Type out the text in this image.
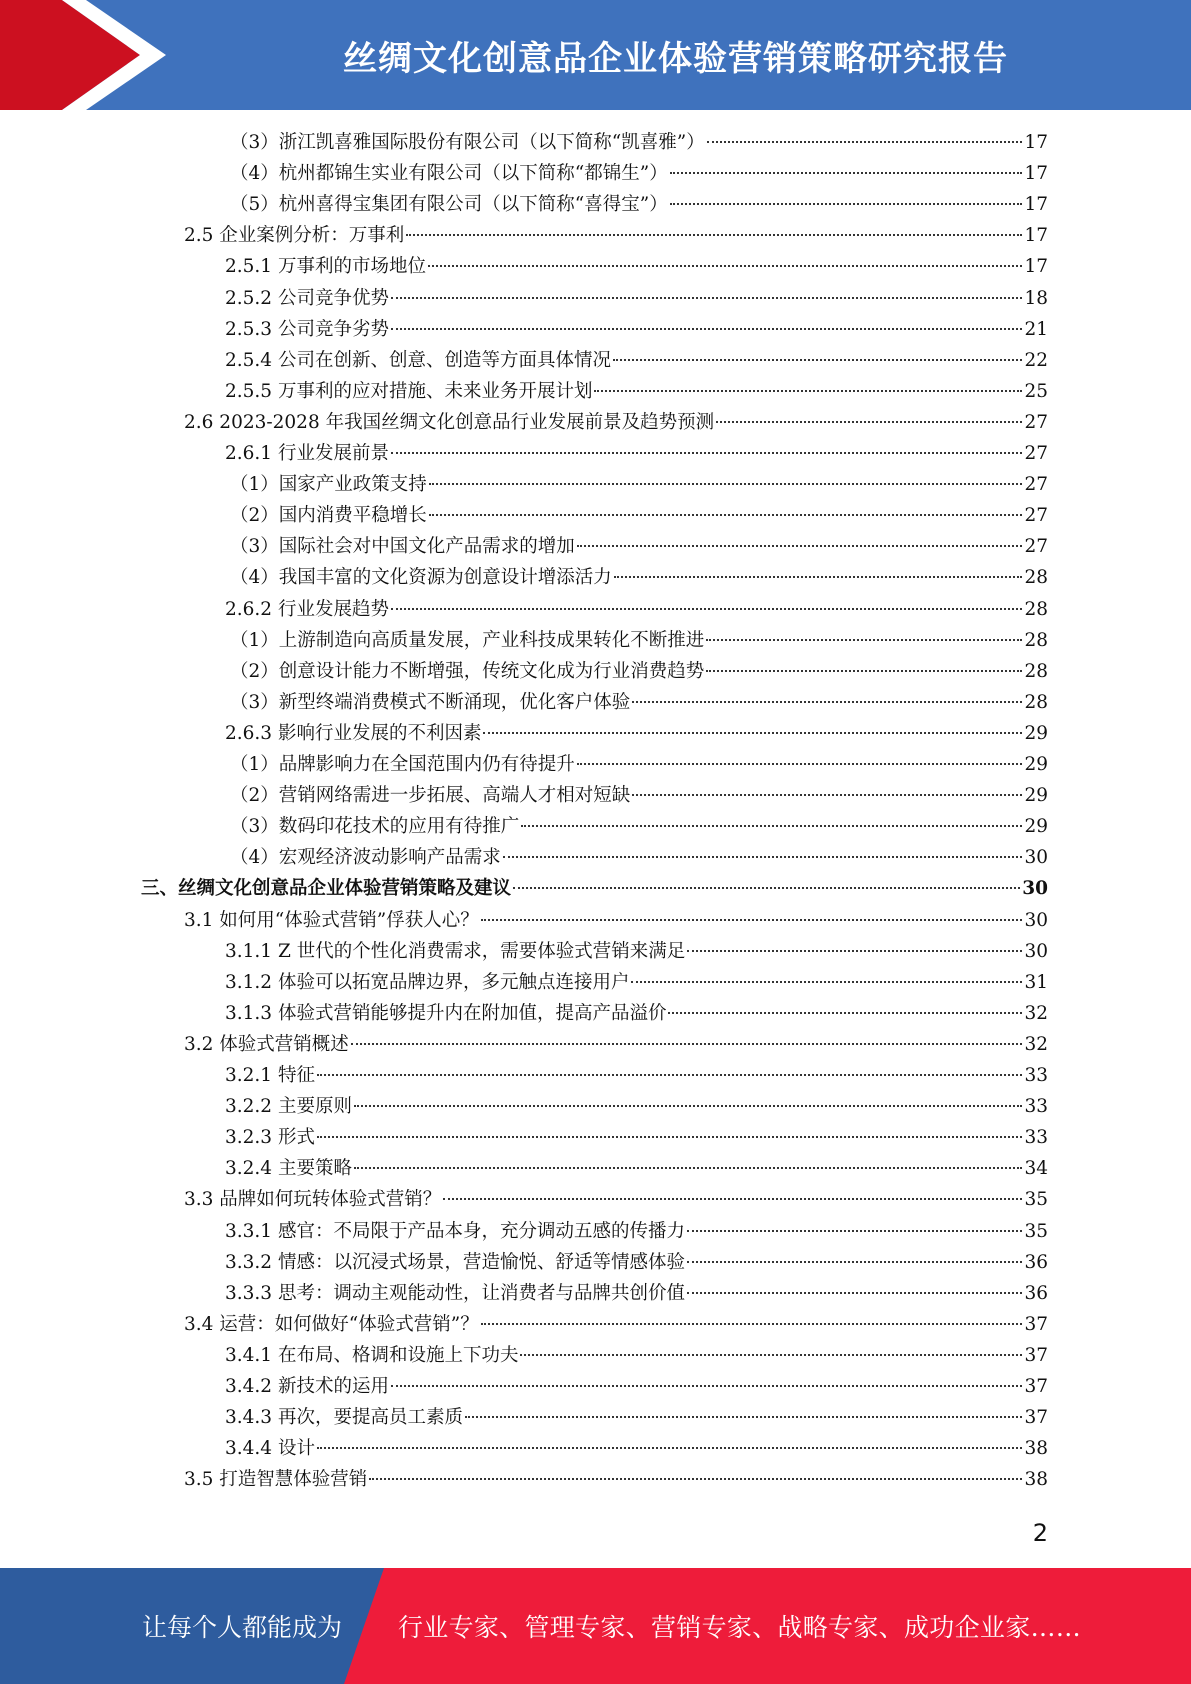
丝绸文化创意品企业体验营销策略研究报告
（3）浙江凯喜雅国际股份有限公司（以下简称“凯喜雅”）	17
（4）杭州都锦生实业有限公司（以下简称“都锦生”）	17
（5）杭州喜得宝集团有限公司（以下简称“喜得宝”）	17
2.5 企业案例分析：万事利	17
2.5.1 万事利的市场地位	17
2.5.2 公司竞争优势	18
2.5.3 公司竞争劣势	21
2.5.4 公司在创新、创意、创造等方面具体情况	22
2.5.5 万事利的应对措施、未来业务开展计划	25
2.6 2023-2028 年我国丝绸文化创意品行业发展前景及趋势预测	27
2.6.1 行业发展前景	27
（1）国家产业政策支持	27
（2）国内消费平稳增长	27
（3）国际社会对中国文化产品需求的增加	27
（4）我国丰富的文化资源为创意设计增添活力	28
2.6.2 行业发展趋势	28
（1）上游制造向高质量发展，产业科技成果转化不断推进	28
（2）创意设计能力不断增强，传统文化成为行业消费趋势	28
（3）新型终端消费模式不断涌现，优化客户体验	28
2.6.3 影响行业发展的不利因素	29
（1）品牌影响力在全国范围内仍有待提升	29
（2）营销网络需进一步拓展、高端人才相对短缺	29
（3）数码印花技术的应用有待推广	29
（4）宏观经济波动影响产品需求	30
三、丝绸文化创意品企业体验营销策略及建议	30
3.1 如何用“体验式营销”俘获人心？	30
3.1.1 Z 世代的个性化消费需求，需要体验式营销来满足	30
3.1.2 体验可以拓宽品牌边界，多元触点连接用户	31
3.1.3 体验式营销能够提升内在附加值，提高产品溢价	32
3.2 体验式营销概述	32
3.2.1 特征	33
3.2.2 主要原则	33
3.2.3 形式	33
3.2.4 主要策略	34
3.3 品牌如何玩转体验式营销？	35
3.3.1 感官：不局限于产品本身，充分调动五感的传播力	35
3.3.2 情感：以沉浸式场景，营造愉悦、舒适等情感体验	36
3.3.3 思考：调动主观能动性，让消费者与品牌共创价值	36
3.4 运营：如何做好“体验式营销”？	37
3.4.1 在布局、格调和设施上下功夫	37
3.4.2 新技术的运用	37
3.4.3 再次，要提高员工素质	37
3.4.4 设计	38
3.5 打造智慧体验营销	38
2
让每个人都能成为 行业专家、管理专家、营销专家、战略专家、成功企业家……
